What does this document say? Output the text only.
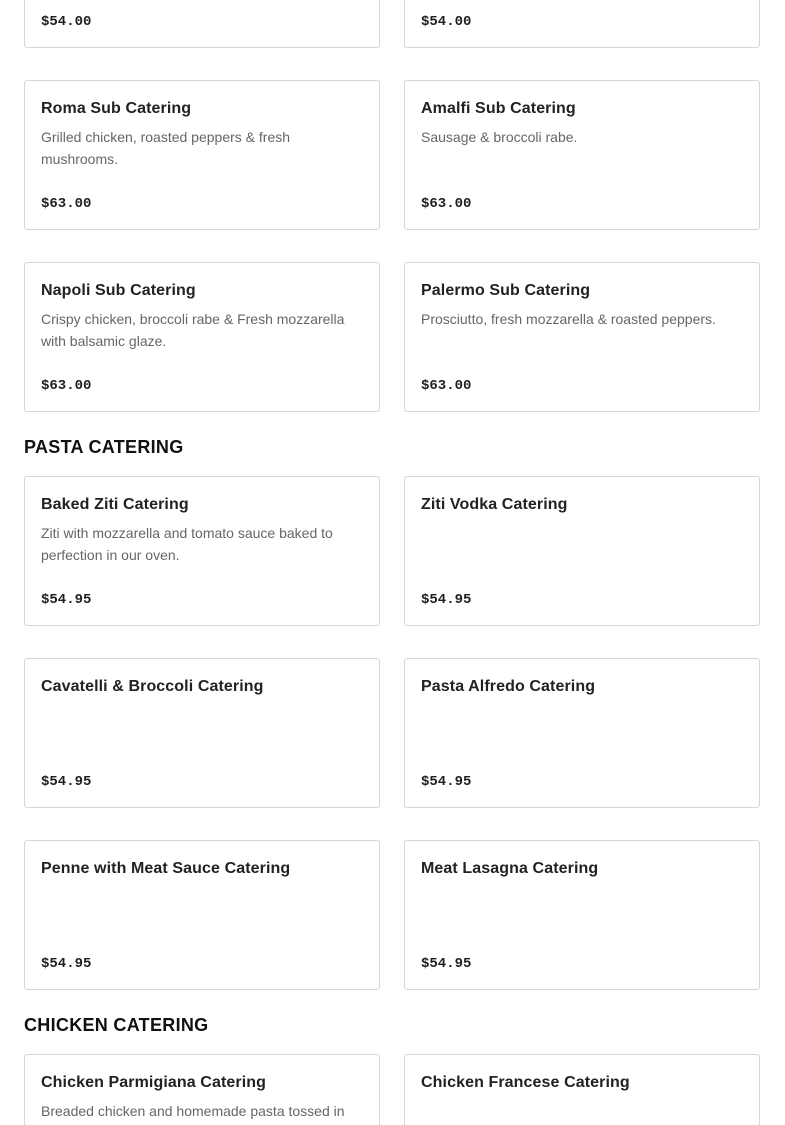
$54.00	$54.00
Roma Sub Catering
Grilled chicken, roasted peppers & fresh mushrooms.
$63.00
Amalfi Sub Catering
Sausage & broccoli rabe.
$63.00
Napoli Sub Catering
Crispy chicken, broccoli rabe & Fresh mozzarella with balsamic glaze.
$63.00
Palermo Sub Catering
Prosciutto, fresh mozzarella & roasted peppers.
$63.00
PASTA CATERING
Baked Ziti Catering
Ziti with mozzarella and tomato sauce baked to perfection in our oven.
$54.95
Ziti Vodka Catering
$54.95
Cavatelli & Broccoli Catering
$54.95
Pasta Alfredo Catering
$54.95
Penne with Meat Sauce Catering
$54.95
Meat Lasagna Catering
$54.95
CHICKEN CATERING
Chicken Parmigiana Catering
Breaded chicken and homemade pasta tossed in
Chicken Francese Catering
